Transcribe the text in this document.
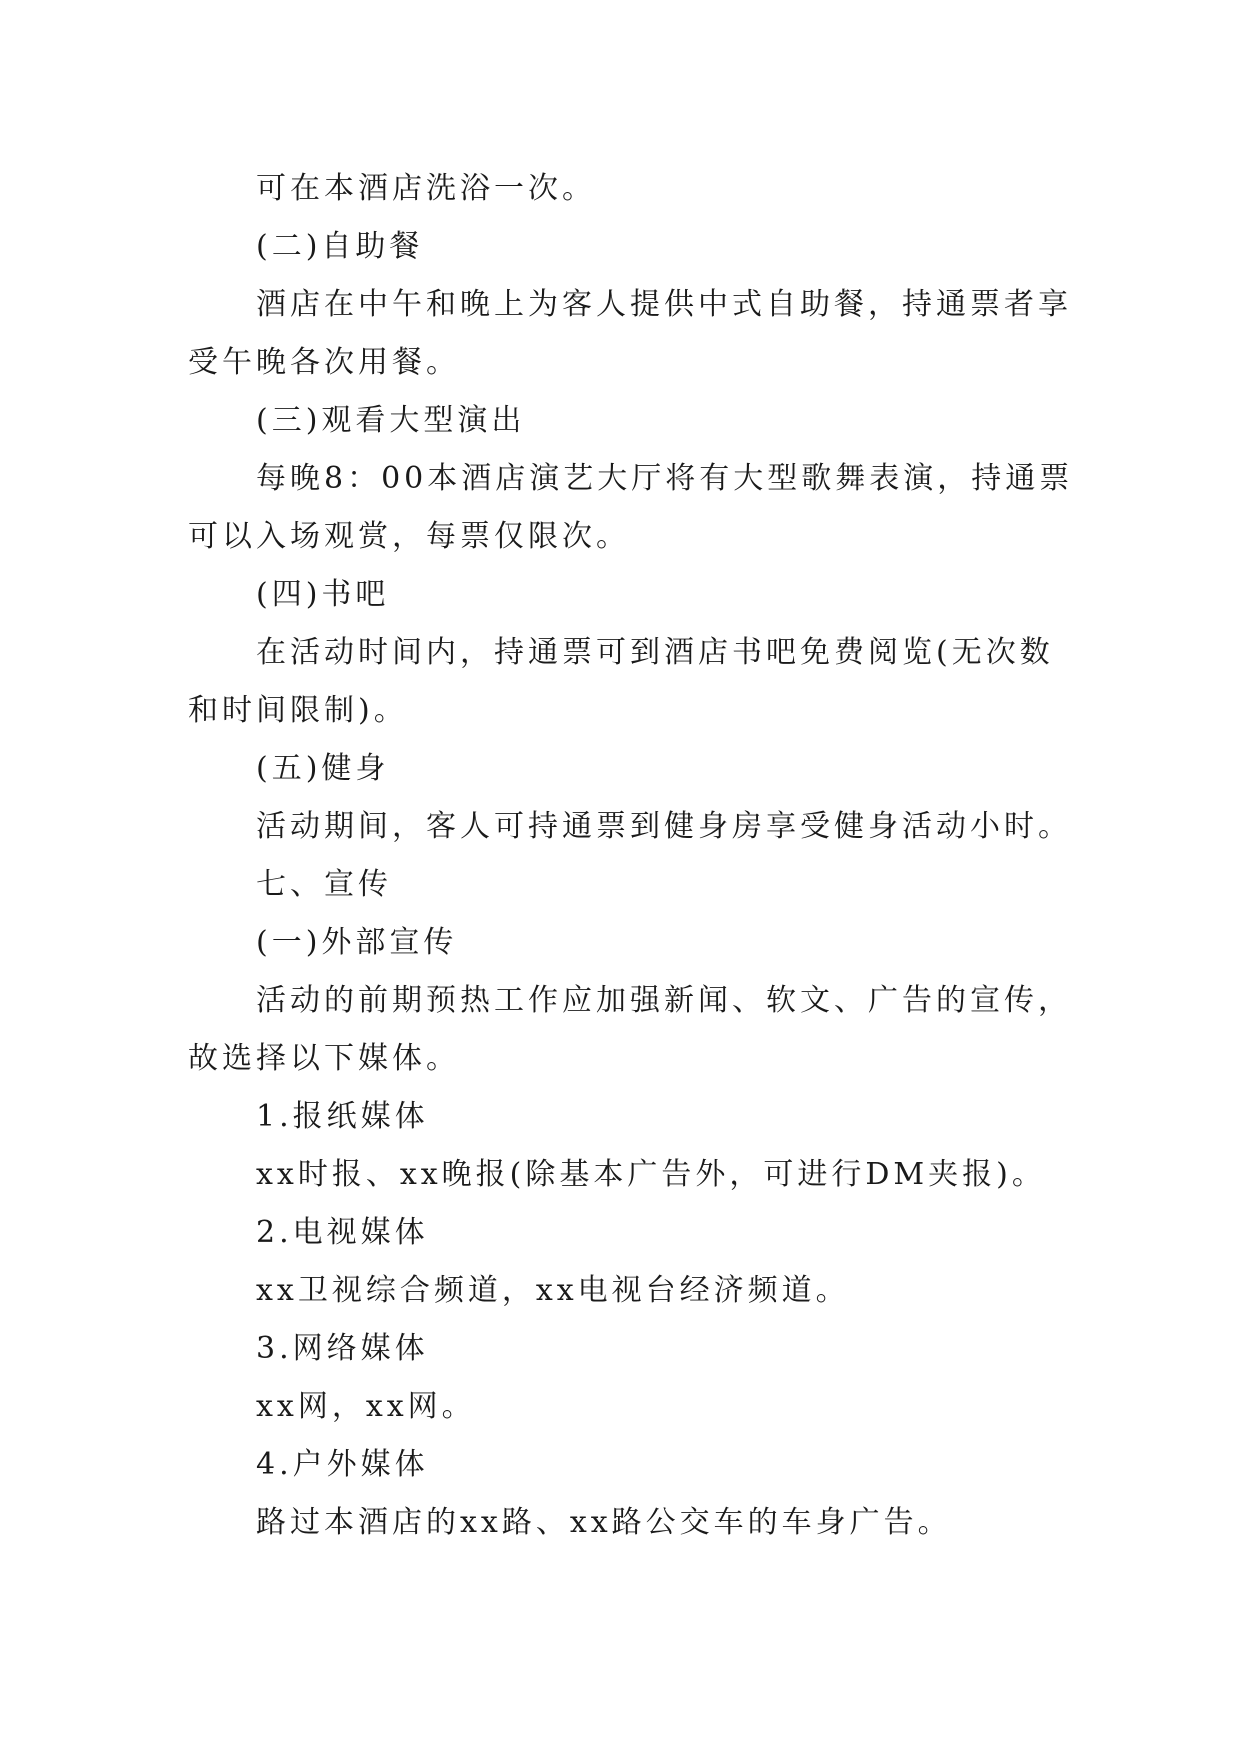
可在本酒店洗浴一次。
(二)自助餐
酒店在中午和晚上为客人提供中式自助餐，持通票者享
受午晚各次用餐。
(三)观看大型演出
每晚8：00本酒店演艺大厅将有大型歌舞表演，持通票
可以入场观赏，每票仅限次。
(四)书吧
在活动时间内，持通票可到酒店书吧免费阅览(无次数
和时间限制)。
(五)健身
活动期间，客人可持通票到健身房享受健身活动小时。
七、宣传
(一)外部宣传
活动的前期预热工作应加强新闻、软文、广告的宣传，
故选择以下媒体。
1.报纸媒体
xx时报、xx晚报(除基本广告外，可进行DM夹报)。
2.电视媒体
xx卫视综合频道，xx电视台经济频道。
3.网络媒体
xx网，xx网。
4.户外媒体
路过本酒店的xx路、xx路公交车的车身广告。
